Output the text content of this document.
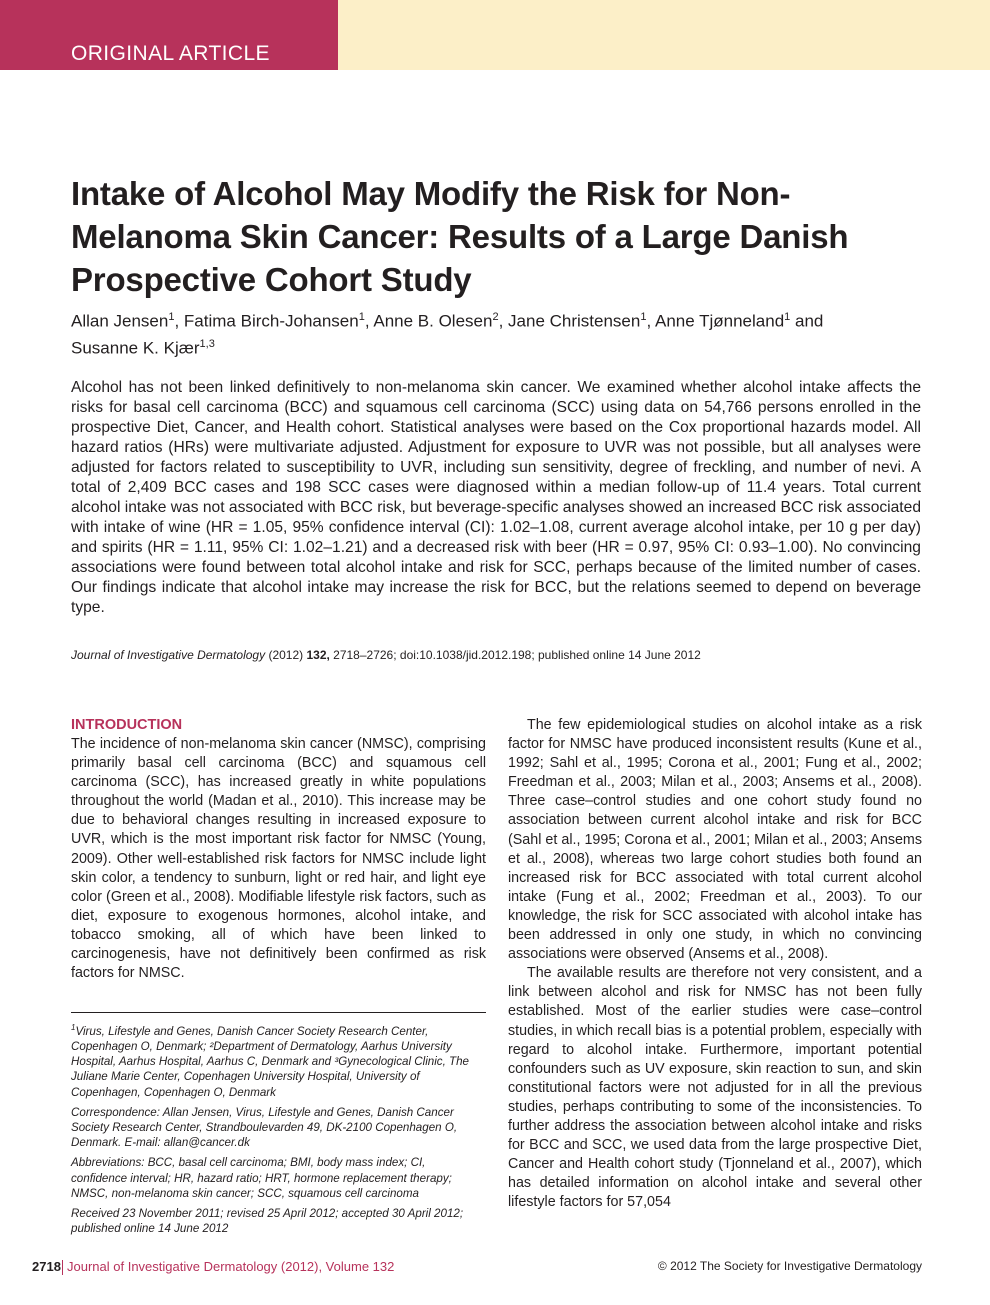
ORIGINAL ARTICLE
Intake of Alcohol May Modify the Risk for Non-Melanoma Skin Cancer: Results of a Large Danish Prospective Cohort Study
Allan Jensen$^1$, Fatima Birch-Johansen$^1$, Anne B. Olesen$^2$, Jane Christensen$^1$, Anne Tjønneland$^1$ and
Susanne K. Kjær$^{1,3}$

Alcohol has not been linked definitively to non-melanoma skin cancer. We examined whether alcohol intake affects the risks for basal cell carcinoma (BCC) and squamous cell carcinoma (SCC) using data on 54,766 persons enrolled in the prospective Diet, Cancer, and Health cohort. Statistical analyses were based on the Cox proportional hazards model. All hazard ratios (HRs) were multivariate adjusted. Adjustment for exposure to UVR was not possible, but all analyses were adjusted for factors related to susceptibility to UVR, including sun sensitivity, degree of freckling, and number of nevi. A total of 2,409 BCC cases and 198 SCC cases were diagnosed within a median follow-up of 11.4 years. Total current alcohol intake was not associated with BCC risk, but beverage-specific analyses showed an increased BCC risk associated with intake of wine (HR = 1.05, 95% confidence interval (CI): 1.02–1.08, current average alcohol intake, per 10 g per day) and spirits (HR = 1.11, 95% CI: 1.02–1.21) and a decreased risk with beer (HR = 0.97, 95% CI: 0.93–1.00). No convincing associations were found between total alcohol intake and risk for SCC, perhaps because of the limited number of cases. Our findings indicate that alcohol intake may increase the risk for BCC, but the relations seemed to depend on beverage type.

Journal of Investigative Dermatology (2012) 132, 2718–2726; doi:10.1038/jid.2012.198; published online 14 June 2012
INTRODUCTION

The incidence of non-melanoma skin cancer (NMSC), comprising primarily basal cell carcinoma (BCC) and squamous cell carcinoma (SCC), has increased greatly in white populations throughout the world (Madan et al., 2010). This increase may be due to behavioral changes resulting in increased exposure to UVR, which is the most important risk factor for NMSC (Young, 2009). Other well-established risk factors for NMSC include light skin color, a tendency to sunburn, light or red hair, and light eye color (Green et al., 2008). Modifiable lifestyle risk factors, such as diet, exposure to exogenous hormones, alcohol intake, and tobacco smoking, all of which have been linked to carcinogenesis, have not definitively been confirmed as risk factors for NMSC.

$^1$Virus, Lifestyle and Genes, Danish Cancer Society Research Center, Copenhagen O, Denmark; ²Department of Dermatology, Aarhus University Hospital, Aarhus Hospital, Aarhus C, Denmark and ³Gynecological Clinic, The Juliane Marie Center, Copenhagen University Hospital, University of Copenhagen, Copenhagen O, Denmark

Correspondence: Allan Jensen, Virus, Lifestyle and Genes, Danish Cancer Society Research Center, Strandboulevarden 49, DK-2100 Copenhagen O, Denmark. E-mail: allan@cancer.dk

Abbreviations: BCC, basal cell carcinoma; BMI, body mass index; CI, confidence interval; HR, hazard ratio; HRT, hormone replacement therapy; NMSC, non-melanoma skin cancer; SCC, squamous cell carcinoma

Received 23 November 2011; revised 25 April 2012; accepted 30 April 2012; published online 14 June 2012

The few epidemiological studies on alcohol intake as a risk factor for NMSC have produced inconsistent results (Kune et al., 1992; Sahl et al., 1995; Corona et al., 2001; Fung et al., 2002; Freedman et al., 2003; Milan et al., 2003; Ansems et al., 2008). Three case–control studies and one cohort study found no association between current alcohol intake and risk for BCC (Sahl et al., 1995; Corona et al., 2001; Milan et al., 2003; Ansems et al., 2008), whereas two large cohort studies both found an increased risk for BCC associated with total current alcohol intake (Fung et al., 2002; Freedman et al., 2003). To our knowledge, the risk for SCC associated with alcohol intake has been addressed in only one study, in which no convincing associations were observed (Ansems et al., 2008).

The available results are therefore not very consistent, and a link between alcohol and risk for NMSC has not been fully established. Most of the earlier studies were case–control studies, in which recall bias is a potential problem, especially with regard to alcohol intake. Furthermore, important potential confounders such as UV exposure, skin reaction to sun, and skin constitutional factors were not adjusted for in all the previous studies, perhaps contributing to some of the inconsistencies. To further address the association between alcohol intake and risks for BCC and SCC, we used data from the large prospective Diet, Cancer and Health cohort study (Tjonneland et al., 2007), which has detailed information on alcohol intake and several other lifestyle factors for 57,054

2718 Journal of Investigative Dermatology (2012), Volume 132	© 2012 The Society for Investigative Dermatology
